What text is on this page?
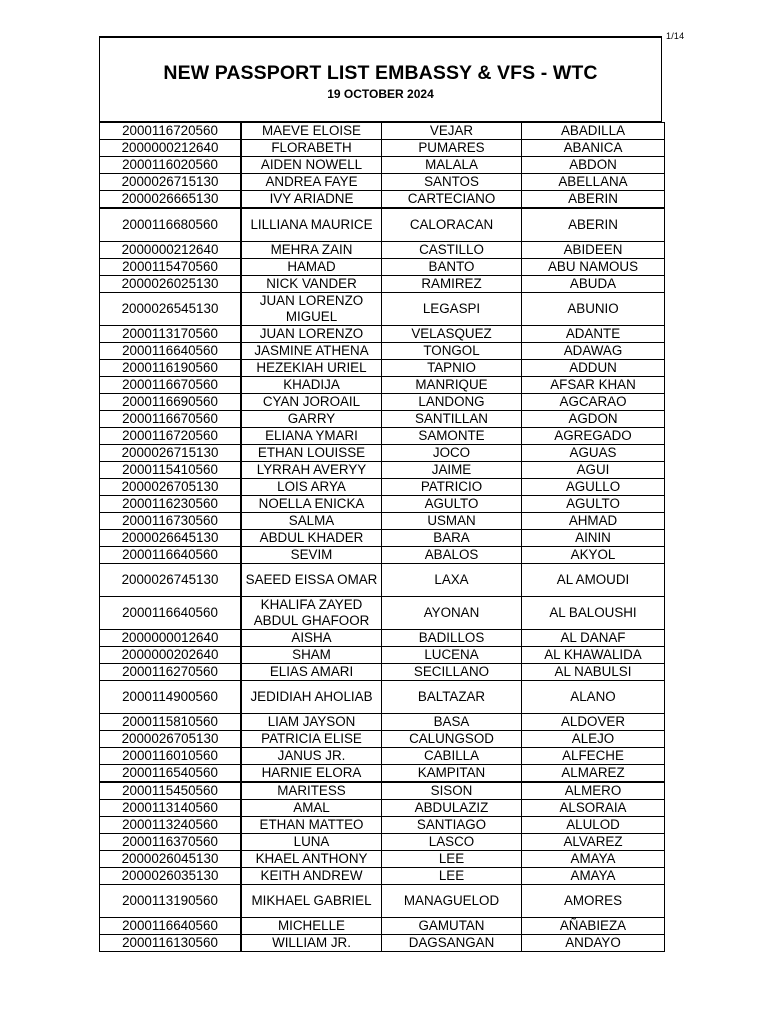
1/14
NEW PASSPORT LIST EMBASSY & VFS - WTC
19 OCTOBER 2024
2000116720560	MAEVE ELOISE	VEJAR	ABADILLA
2000000212640	FLORABETH	PUMARES	ABANICA
2000116020560	AIDEN NOWELL	MALALA	ABDON
2000026715130	ANDREA FAYE	SANTOS	ABELLANA
2000026665130	IVY ARIADNE	CARTECIANO	ABERIN
2000116680560	LILLIANA MAURICE	CALORACAN	ABERIN
2000000212640	MEHRA ZAIN	CASTILLO	ABIDEEN
2000115470560	HAMAD	BANTO	ABU NAMOUS
2000026025130	NICK VANDER	RAMIREZ	ABUDA
2000026545130	JUAN LORENZO MIGUEL	LEGASPI	ABUNIO
2000113170560	JUAN LORENZO	VELASQUEZ	ADANTE
2000116640560	JASMINE ATHENA	TONGOL	ADAWAG
2000116190560	HEZEKIAH URIEL	TAPNIO	ADDUN
2000116670560	KHADIJA	MANRIQUE	AFSAR KHAN
2000116690560	CYAN JOROAIL	LANDONG	AGCARAO
2000116670560	GARRY	SANTILLAN	AGDON
2000116720560	ELIANA YMARI	SAMONTE	AGREGADO
2000026715130	ETHAN LOUISSE	JOCO	AGUAS
2000115410560	LYRRAH AVERYY	JAIME	AGUI
2000026705130	LOIS ARYA	PATRICIO	AGULLO
2000116230560	NOELLA ENICKA	AGULTO	AGULTO
2000116730560	SALMA	USMAN	AHMAD
2000026645130	ABDUL KHADER	BARA	AININ
2000116640560	SEVIM	ABALOS	AKYOL
2000026745130	SAEED EISSA OMAR	LAXA	AL AMOUDI
2000116640560	KHALIFA ZAYED ABDUL GHAFOOR	AYONAN	AL BALOUSHI
2000000012640	AISHA	BADILLOS	AL DANAF
2000000202640	SHAM	LUCENA	AL KHAWALIDA
2000116270560	ELIAS AMARI	SECILLANO	AL NABULSI
2000114900560	JEDIDIAH AHOLIAB	BALTAZAR	ALANO
2000115810560	LIAM JAYSON	BASA	ALDOVER
2000026705130	PATRICIA ELISE	CALUNGSOD	ALEJO
2000116010560	JANUS JR.	CABILLA	ALFECHE
2000116540560	HARNIE ELORA	KAMPITAN	ALMAREZ
2000115450560	MARITESS	SISON	ALMERO
2000113140560	AMAL	ABDULAZIZ	ALSORAIA
2000113240560	ETHAN MATTEO	SANTIAGO	ALULOD
2000116370560	LUNA	LASCO	ALVAREZ
2000026045130	KHAEL ANTHONY	LEE	AMAYA
2000026035130	KEITH ANDREW	LEE	AMAYA
2000113190560	MIKHAEL GABRIEL	MANAGUELOD	AMORES
2000116640560	MICHELLE	GAMUTAN	AÑABIEZA
2000116130560	WILLIAM JR.	DAGSANGAN	ANDAYO
